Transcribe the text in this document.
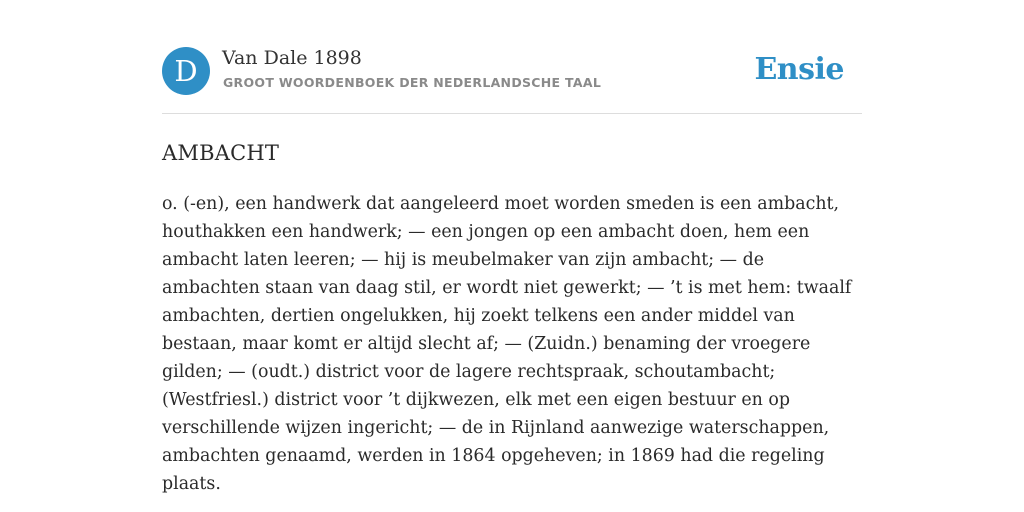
D	Van Dale 1898
GROOT WOORDENBOEK DER NEDERLANDSCHE TAAL	Ensie
AMBACHT

o. (-en), een handwerk dat aangeleerd moet worden smeden is een ambacht, houthakken een handwerk; — een jongen op een ambacht doen, hem een ambacht laten leeren; — hij is meubelmaker van zijn ambacht; — de ambachten staan van daag stil, er wordt niet gewerkt; — ’t is met hem: twaalf ambachten, dertien ongelukken, hij zoekt telkens een ander middel van bestaan, maar komt er altijd slecht af; — (Zuidn.) benaming der vroegere gilden; — (oudt.) district voor de lagere rechtspraak, schoutambacht; (Westfriesl.) district voor ’t dijkwezen, elk met een eigen bestuur en op verschillende wijzen ingericht; — de in Rijnland aanwezige waterschappen, ambachten genaamd, werden in 1864 opgeheven; in 1869 had die regeling plaats.
